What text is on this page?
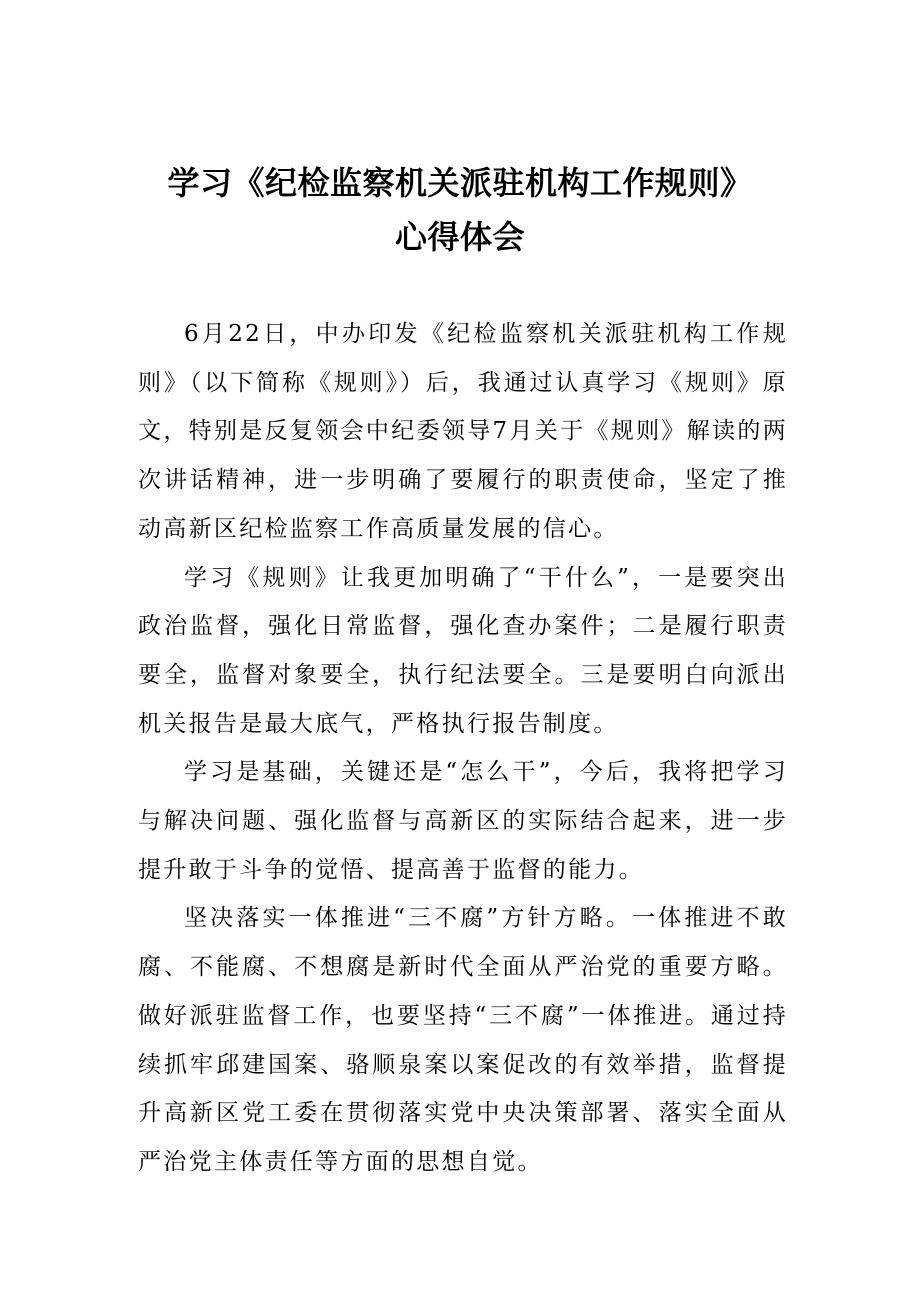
学习《纪检监察机关派驻机构工作规则》
心得体会

6月22日，中办印发《纪检监察机关派驻机构工作规则》（以下简称《规则》）后，我通过认真学习《规则》原文，特别是反复领会中纪委领导7月关于《规则》解读的两次讲话精神，进一步明确了要履行的职责使命，坚定了推动高新区纪检监察工作高质量发展的信心。

学习《规则》让我更加明确了“干什么”，一是要突出政治监督，强化日常监督，强化查办案件；二是履行职责要全，监督对象要全，执行纪法要全。三是要明白向派出机关报告是最大底气，严格执行报告制度。

学习是基础，关键还是“怎么干”，今后，我将把学习与解决问题、强化监督与高新区的实际结合起来，进一步提升敢于斗争的觉悟、提高善于监督的能力。

坚决落实一体推进“三不腐”方针方略。一体推进不敢腐、不能腐、不想腐是新时代全面从严治党的重要方略。做好派驻监督工作，也要坚持“三不腐”一体推进。通过持续抓牢邱建国案、骆顺泉案以案促改的有效举措，监督提升高新区党工委在贯彻落实党中央决策部署、落实全面从严治党主体责任等方面的思想自觉。
